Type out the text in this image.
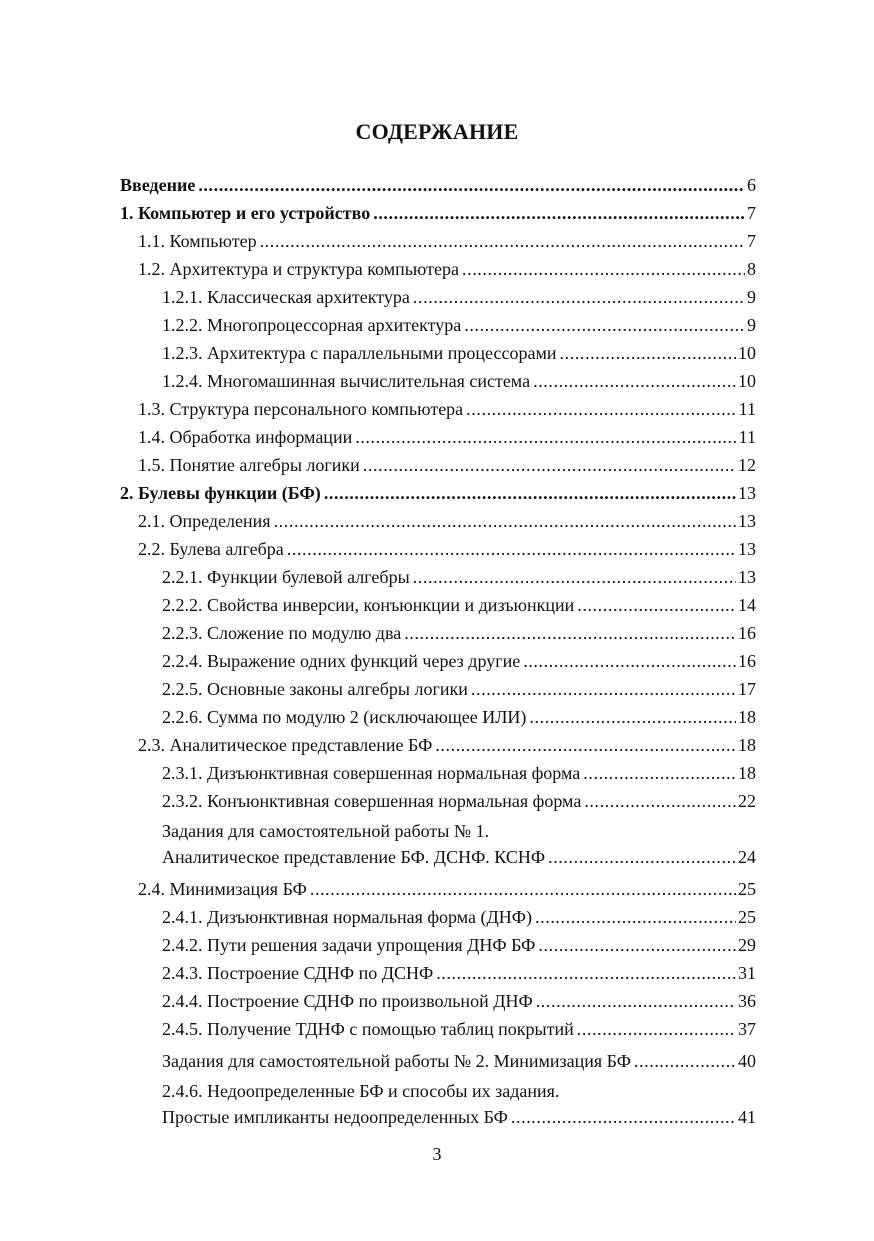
СОДЕРЖАНИЕ
Введение .....	6
1. Компьютер и его устройство .....	7
1.1. Компьютер .....	7
1.2. Архитектура и структура компьютера .....	8
1.2.1. Классическая архитектура .....	9
1.2.2. Многопроцессорная архитектура .....	9
1.2.3. Архитектура с параллельными процессорами .....	10
1.2.4. Многомашинная вычислительная система .....	10
1.3. Структура персонального компьютера .....	11
1.4. Обработка информации .....	11
1.5. Понятие алгебры логики .....	12
2. Булевы функции (БФ) .....	13
2.1. Определения .....	13
2.2. Булева алгебра .....	13
2.2.1. Функции булевой алгебры .....	13
2.2.2. Свойства инверсии, конъюнкции и дизъюнкции .....	14
2.2.3. Сложение по модулю два .....	16
2.2.4. Выражение одних функций через другие .....	16
2.2.5. Основные законы алгебры логики .....	17
2.2.6. Сумма по модулю 2 (исключающее ИЛИ) .....	18
2.3. Аналитическое представление БФ .....	18
2.3.1. Дизъюнктивная совершенная нормальная форма .....	18
2.3.2. Конъюнктивная совершенная нормальная форма .....	22
Задания для самостоятельной работы № 1.
Аналитическое представление БФ. ДСНФ. КСНФ .....	24
2.4. Минимизация БФ .....	25
2.4.1. Дизъюнктивная нормальная форма (ДНФ) .....	25
2.4.2. Пути решения задачи упрощения ДНФ БФ .....	29
2.4.3. Построение СДНФ по ДСНФ .....	31
2.4.4. Построение СДНФ по произвольной ДНФ .....	36
2.4.5. Получение ТДНФ с помощью таблиц покрытий .....	37
Задания для самостоятельной работы № 2. Минимизация БФ .....	40
2.4.6. Недоопределенные БФ и способы их задания.
Простые импликанты недоопределенных БФ .....	41
3
